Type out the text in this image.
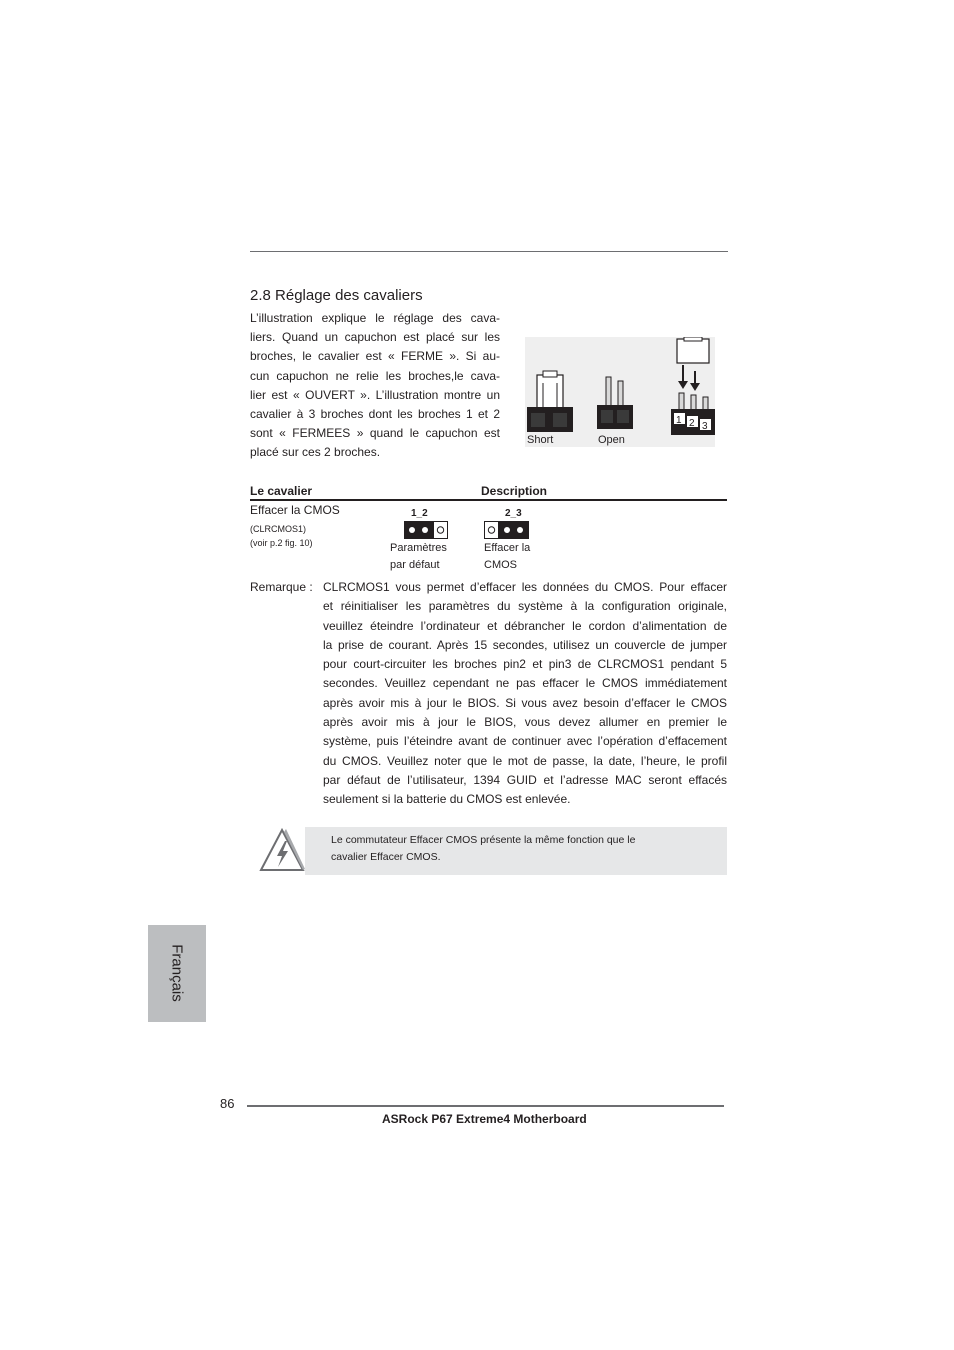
2.8 Réglage des cavaliers

L’illustration explique le réglage des cava-
liers. Quand un capuchon est placé sur les
broches, le cavalier est « FERME ». Si au-
cun capuchon ne relie les broches,le cava-
lier est « OUVERT ». L’illustration montre un
cavalier à 3 broches dont les broches 1 et 2
sont « FERMEES » quand le capuchon est
placé sur ces 2 broches.

Short	Open
1 2 3
Le cavalier	Description
Effacer la CMOS
(CLRCMOS1)
(voir p.2 fig. 10)
1_2
Paramètres
par défaut
2_3
Effacer la
CMOS
Remarque : CLRCMOS1 vous permet d’effacer les données du CMOS. Pour effacer
et réinitialiser les paramètres du système à la configuration originale,
veuillez éteindre l’ordinateur et débrancher le cordon d’alimentation de
la prise de courant. Après 15 secondes, utilisez un couvercle de jumper
pour court-circuiter les broches pin2 et pin3 de CLRCMOS1 pendant 5
secondes. Veuillez cependant ne pas effacer le CMOS immédiatement
après avoir mis à jour le BIOS. Si vous avez besoin d’effacer le CMOS
après avoir mis à jour le BIOS, vous devez allumer en premier le
système, puis l’éteindre avant de continuer avec l’opération d’effacement
du CMOS. Veuillez noter que le mot de passe, la date, l’heure, le profil
par défaut de l’utilisateur, 1394 GUID et l’adresse MAC seront effacés
seulement si la batterie du CMOS est enlevée.

Le commutateur Effacer CMOS présente la même fonction que le
cavalier Effacer CMOS.

Français
86
ASRock P67 Extreme4 Motherboard
